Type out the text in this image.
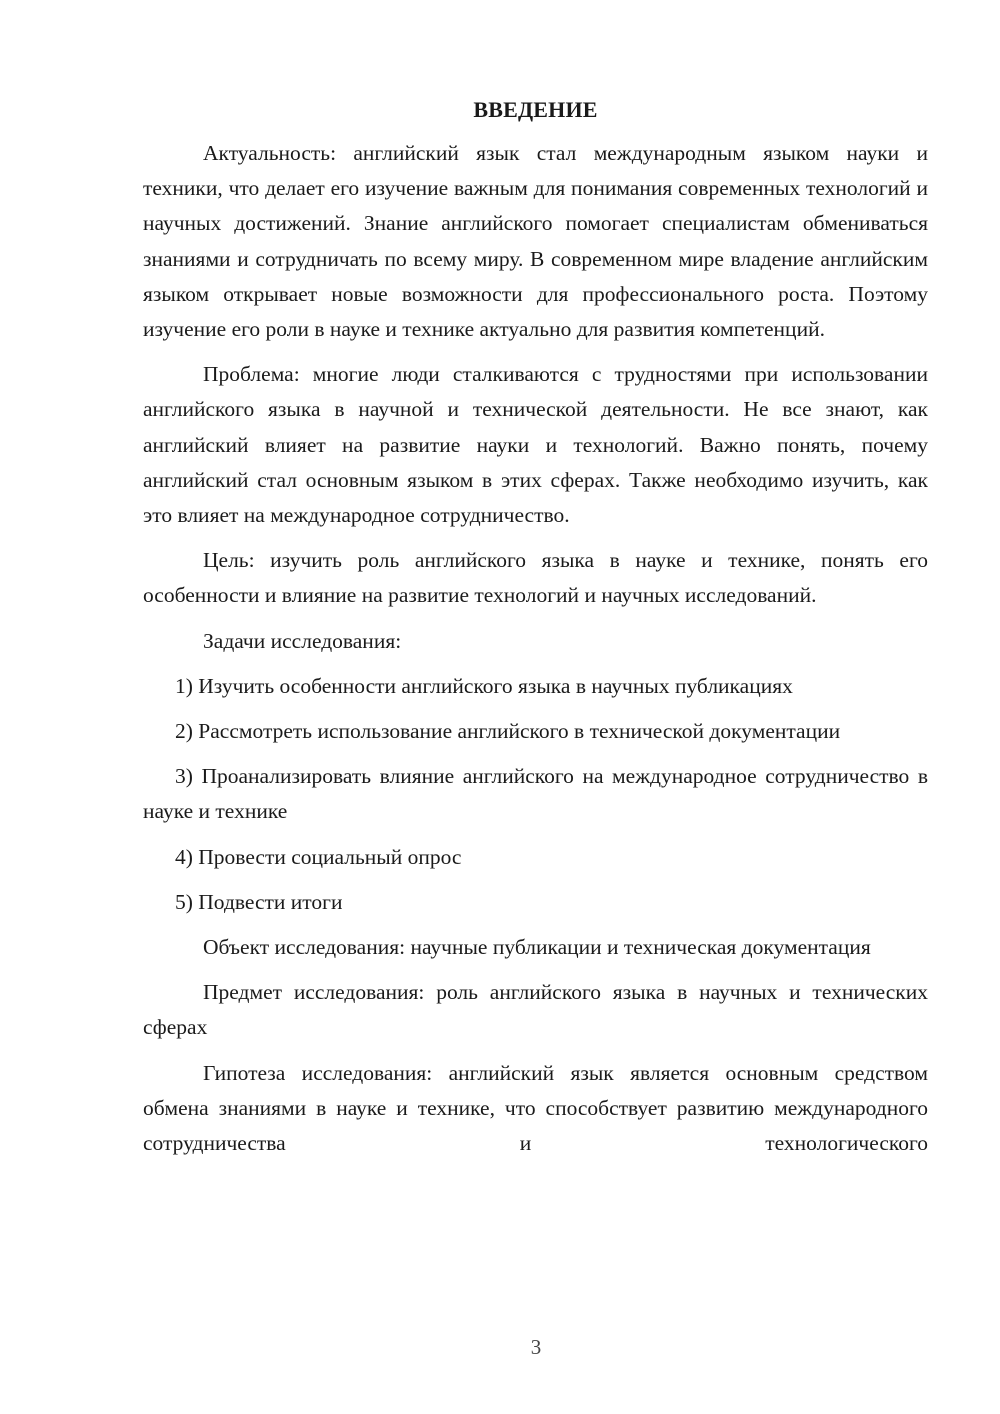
ВВЕДЕНИЕ

Актуальность: английский язык стал международным языком науки и техники, что делает его изучение важным для понимания современных технологий и научных достижений. Знание английского помогает специалистам обмениваться знаниями и сотрудничать по всему миру. В современном мире владение английским языком открывает новые возможности для профессионального роста. Поэтому изучение его роли в науке и технике актуально для развития компетенций.

Проблема: многие люди сталкиваются с трудностями при использовании английского языка в научной и технической деятельности. Не все знают, как английский влияет на развитие науки и технологий. Важно понять, почему английский стал основным языком в этих сферах. Также необходимо изучить, как это влияет на международное сотрудничество.

Цель: изучить роль английского языка в науке и технике, понять его особенности и влияние на развитие технологий и научных исследований.

Задачи исследования:

1) Изучить особенности английского языка в научных публикациях

2) Рассмотреть использование английского в технической документации

3) Проанализировать влияние английского на международное сотрудничество в науке и технике

4) Провести социальный опрос

5) Подвести итоги

Объект исследования: научные публикации и техническая документация

Предмет исследования: роль английского языка в научных и технических сферах

Гипотеза исследования: английский язык является основным средством обмена знаниями в науке и технике, что способствует развитию международного сотрудничества и технологического

3
